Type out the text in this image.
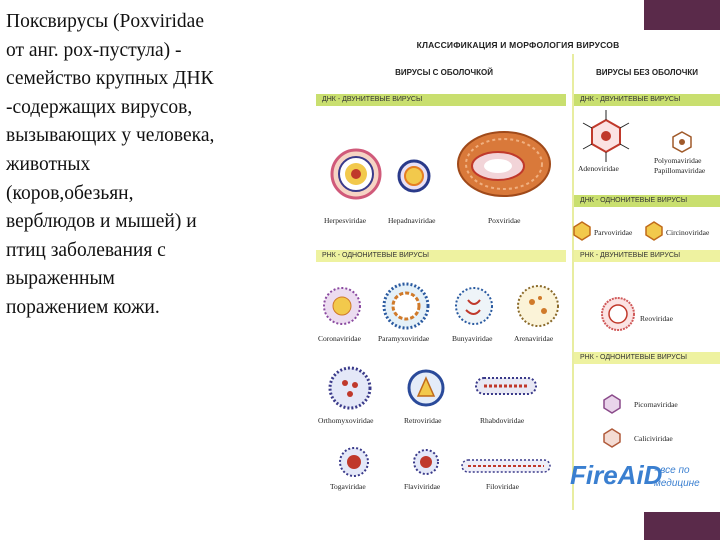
Поксвирусы (Poxviridae
от анг. pox-пустула) -
семейство крупных ДНК
-содержащих вирусов,
вызывающих у человека,
животных
(коров,обезьян,
верблюдов и мышей) и
птиц заболевания с
выраженным
поражением кожи.
КЛАССИФИКАЦИЯ И МОРФОЛОГИЯ ВИРУСОВ
ВИРУСЫ С ОБОЛОЧКОЙ	ВИРУСЫ БЕЗ ОБОЛОЧКИ
ДНК - ДВУНИТЕВЫЕ ВИРУСЫ	ДНК - ДВУНИТЕВЫЕ ВИРУСЫ
ДНК - ОДНОНИТЕВЫЕ ВИРУСЫ
РНК - ОДНОНИТЕВЫЕ ВИРУСЫ	РНК - ДВУНИТЕВЫЕ ВИРУСЫ
РНК - ОДНОНИТЕВЫЕ ВИРУСЫ
Herpesviridae	Hepadnaviridae	Poxviridae
Adenoviridae
Polyomaviridae
Papillomaviridae
Parvoviridae	Circinoviridae
Coronaviridae Paramyxoviridae	Bunyaviridae	Arenaviridae
Reoviridae
Orthomyxoviridae	Retroviridae	Rhabdoviridae
Picornaviridae
Caliciviridae
Togaviridae	Flaviviridae	Filoviridae FireAiD
- все по
медицине
